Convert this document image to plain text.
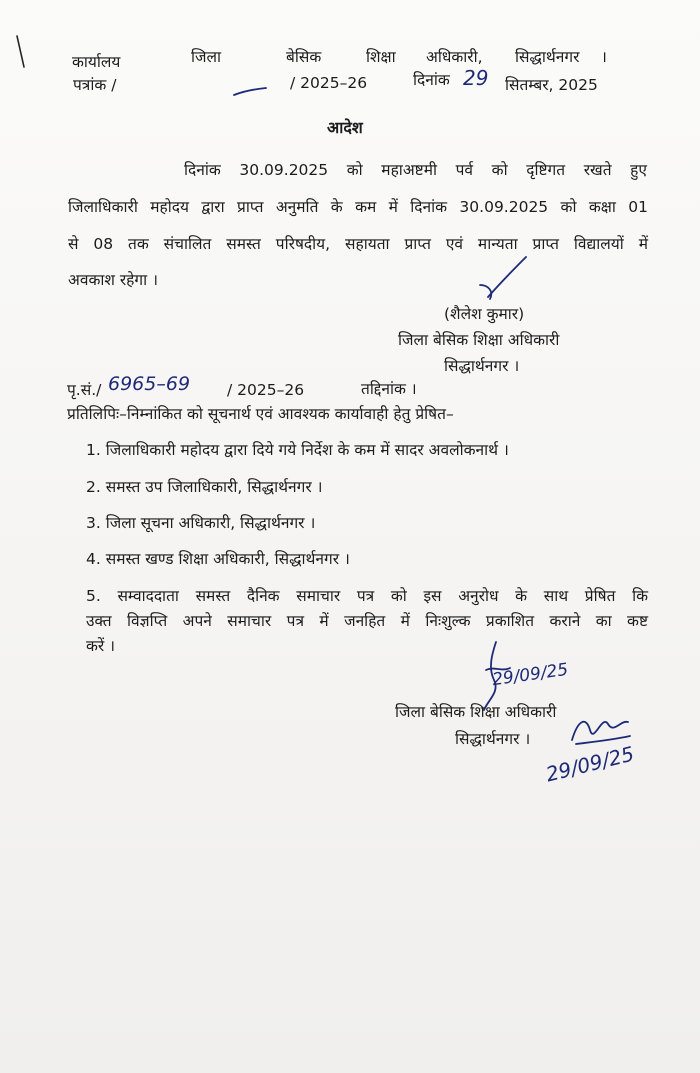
कार्यालय	जिला	बेसिक	शिक्षा अधिकारी, सिद्धार्थनगर ।
पत्रांक /	/ 2025–26	दिनांक 29 सितम्बर, 2025
आदेश
दिनांक 30.09.2025 को महाअष्टमी पर्व को दृष्टिगत रखते हुए
जिलाधिकारी महोदय द्वारा प्राप्त अनुमति के कम में दिनांक 30.09.2025 को कक्षा 01
से 08 तक संचालित समस्त परिषदीय, सहायता प्राप्त एवं मान्यता प्राप्त विद्यालयों में
अवकाश रहेगा ।
(शैलेश कुमार)
जिला बेसिक शिक्षा अधिकारी
सिद्धार्थनगर ।
पृ.सं./ 6965–69 / 2025–26	तद्दिनांक ।
प्रतिलिपिः–निम्नांकित को सूचनार्थ एवं आवश्यक कार्यावाही हेतु प्रेषित–
1. जिलाधिकारी महोदय द्वारा दिये गये निर्देश के कम में सादर अवलोकनार्थ ।
2. समस्त उप जिलाधिकारी, सिद्धार्थनगर ।
3. जिला सूचना अधिकारी, सिद्धार्थनगर ।
4. समस्त खण्ड शिक्षा अधिकारी, सिद्धार्थनगर ।
5. सम्वाददाता समस्त दैनिक समाचार पत्र को इस अनुरोध के साथ प्रेषित कि
उक्त विज्ञप्ति अपने समाचार पत्र में जनहित में निःशुल्क प्रकाशित कराने का कष्ट
करें ।
29/09/25
जिला बेसिक शिक्षा अधिकारी
सिद्धार्थनगर ।
29/09/25
